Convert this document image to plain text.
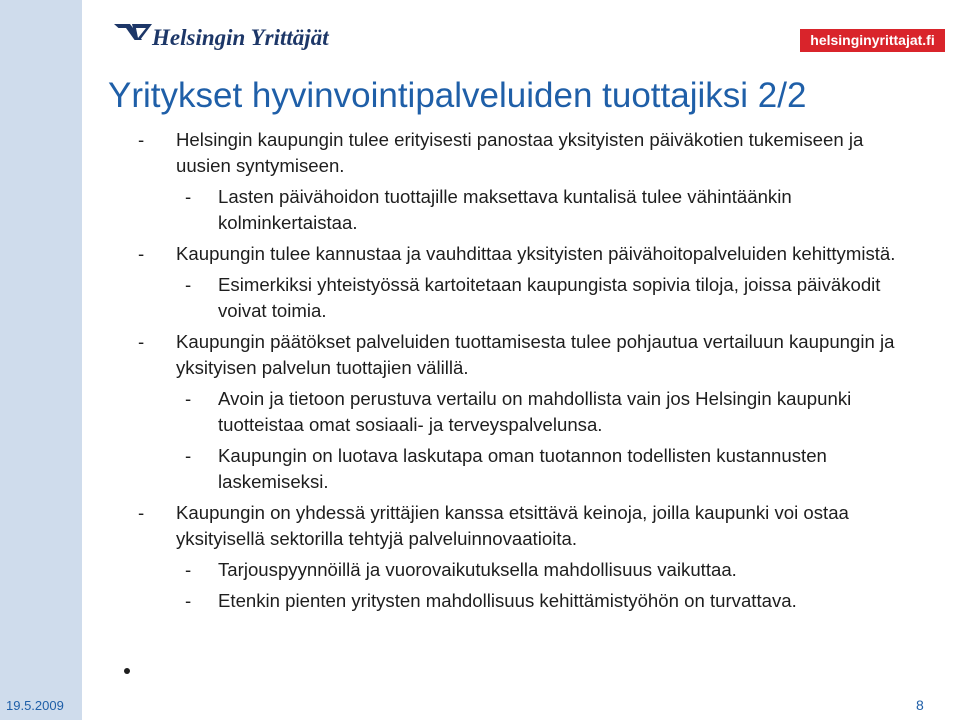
Helsingin Yrittäjät	helsinginyrittajat.fi
Yritykset hyvinvointipalveluiden tuottajiksi 2/2
- Helsingin kaupungin tulee erityisesti panostaa yksityisten päiväkotien tukemiseen ja uusien syntymiseen.
- Lasten päivähoidon tuottajille maksettava kuntalisä tulee vähintäänkin kolminkertaistaa.
- Kaupungin tulee kannustaa ja vauhdittaa yksityisten päivähoitopalveluiden kehittymistä.
- Esimerkiksi yhteistyössä kartoitetaan kaupungista sopivia tiloja, joissa päiväkodit voivat toimia.
- Kaupungin päätökset palveluiden tuottamisesta tulee pohjautua vertailuun kaupungin ja yksityisen palvelun tuottajien välillä.
- Avoin ja tietoon perustuva vertailu on mahdollista vain jos Helsingin kaupunki tuotteistaa omat sosiaali- ja terveyspalvelunsa.
- Kaupungin on luotava laskutapa oman tuotannon todellisten kustannusten laskemiseksi.
- Kaupungin on yhdessä yrittäjien kanssa etsittävä keinoja, joilla kaupunki voi ostaa yksityisellä sektorilla tehtyjä palveluinnovaatioita.
- Tarjouspyynnöillä ja vuorovaikutuksella mahdollisuus vaikuttaa.
- Etenkin pienten yritysten mahdollisuus kehittämistyöhön on turvattava.
19.5.2009	8
